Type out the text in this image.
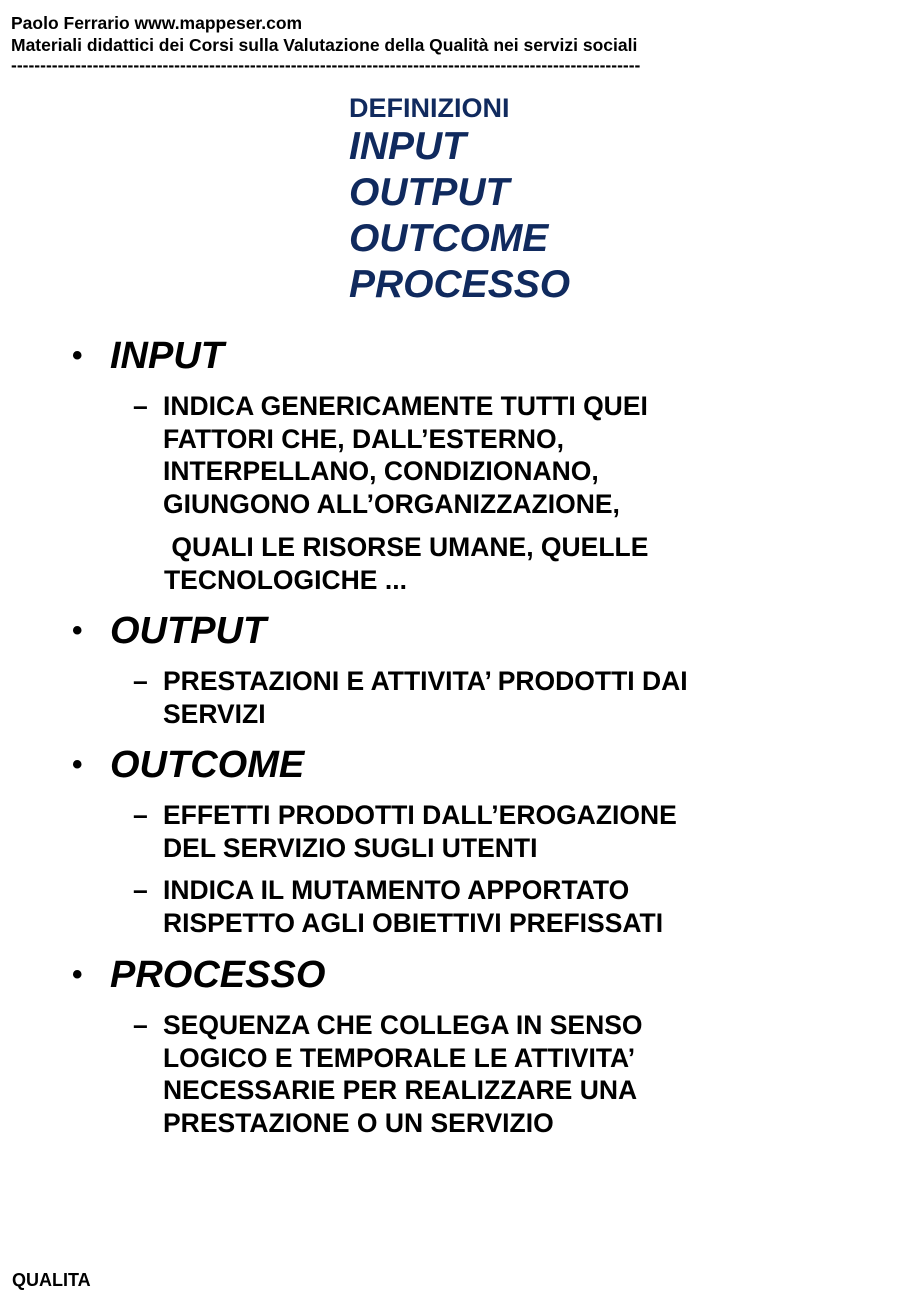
Paolo Ferrario www.mappeser.com
Materiali didattici dei Corsi sulla Valutazione della Qualità nei servizi sociali
------------------------------------------------------------------------------------------------------------
DEFINIZIONI
INPUT
OUTPUT
OUTCOME
PROCESSO
• INPUT
– INDICA GENERICAMENTE TUTTI QUEI
FATTORI CHE, DALL’ESTERNO,
INTERPELLANO, CONDIZIONANO,
GIUNGONO ALL’ORGANIZZAZIONE,
QUALI LE RISORSE UMANE, QUELLE
TECNOLOGICHE ...
• OUTPUT
– PRESTAZIONI E ATTIVITA’ PRODOTTI DAI
SERVIZI
• OUTCOME
– EFFETTI PRODOTTI DALL’EROGAZIONE
DEL SERVIZIO SUGLI UTENTI
– INDICA IL MUTAMENTO APPORTATO
RISPETTO AGLI OBIETTIVI PREFISSATI
• PROCESSO
– SEQUENZA CHE COLLEGA IN SENSO
LOGICO E TEMPORALE LE ATTIVITA’
NECESSARIE PER REALIZZARE UNA
PRESTAZIONE O UN SERVIZIO
QUALITA
